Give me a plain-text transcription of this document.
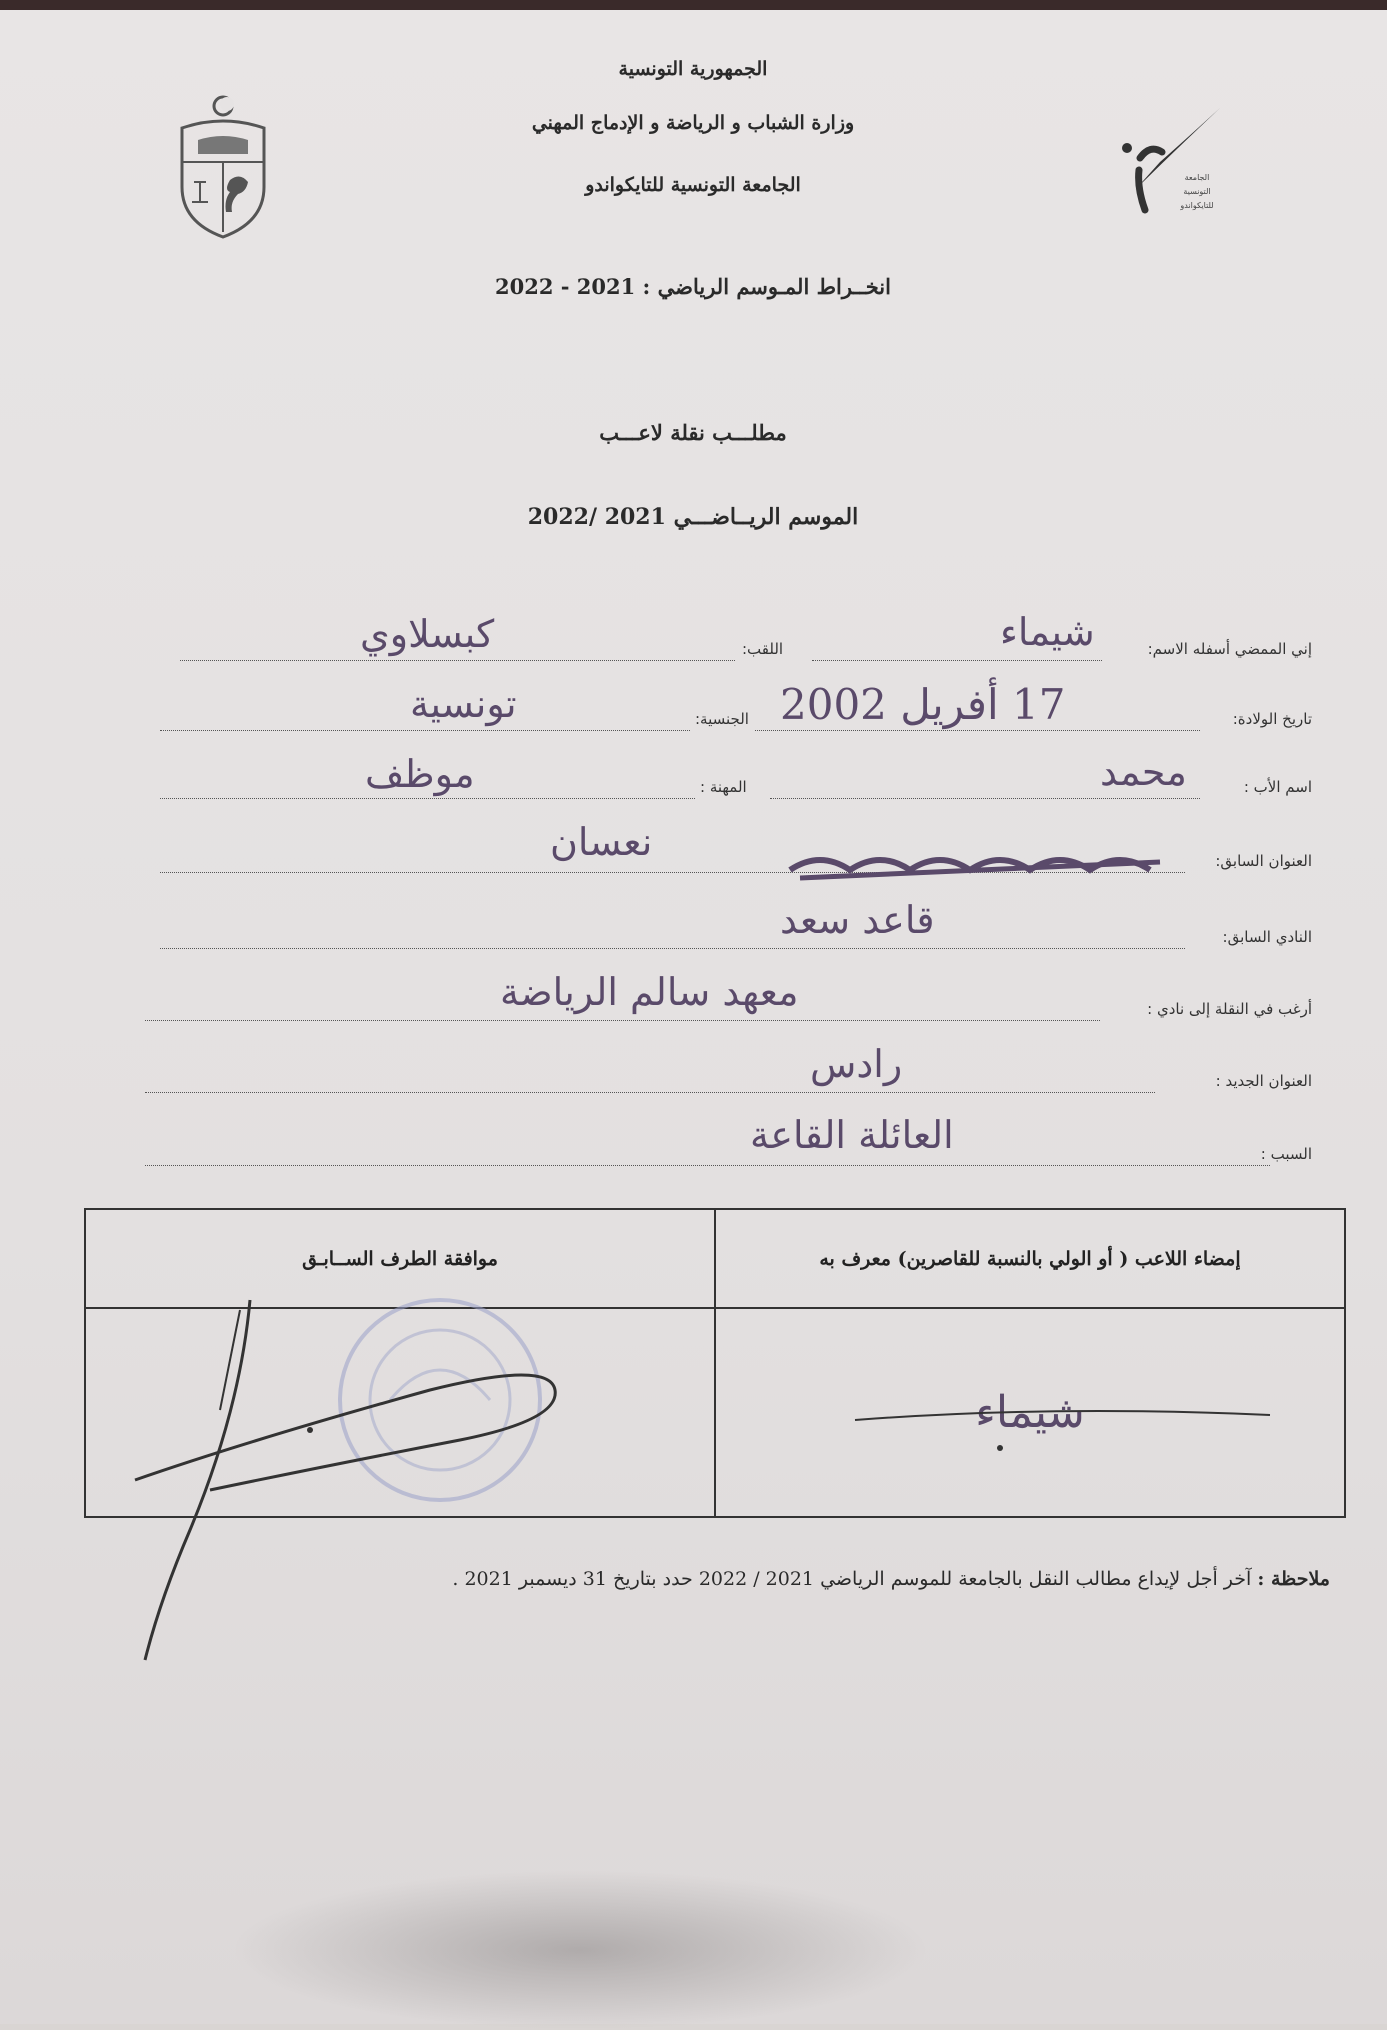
الجامعة
التونسية
للتايكواندو
الجمهورية التونسية
وزارة الشباب و الرياضة و الإدماج المهني
الجامعة التونسية للتايكواندو
انخــراط المـوسم الرياضي : 2021 - 2022
مطلـــب نقلة لاعـــب
الموسم الريــاضـــي 2021 /2022
إني الممضي أسفله الاسم:
شيماء
اللقب:
كبسلاوي
تاريخ الولادة:
17 أفريل 2002
الجنسية:
تونسية
اسم الأب :
محمد
المهنة :
موظف
العنوان السابق:
نعسان
النادي السابق:
قاعد سعد
أرغب في النقلة إلى نادي :
معهد سالم الرياضة
العنوان الجديد :
رادس
السبب :
العائلة القاعة
موافقة الطرف الســابـق	إمضاء اللاعب ( أو الولي بالنسبة للقاصرين) معرف به

	شيماء
ملاحظة : آخر أجل لإيداع مطالب النقل بالجامعة للموسم الرياضي 2021 / 2022 حدد بتاريخ 31 ديسمبر 2021 .
